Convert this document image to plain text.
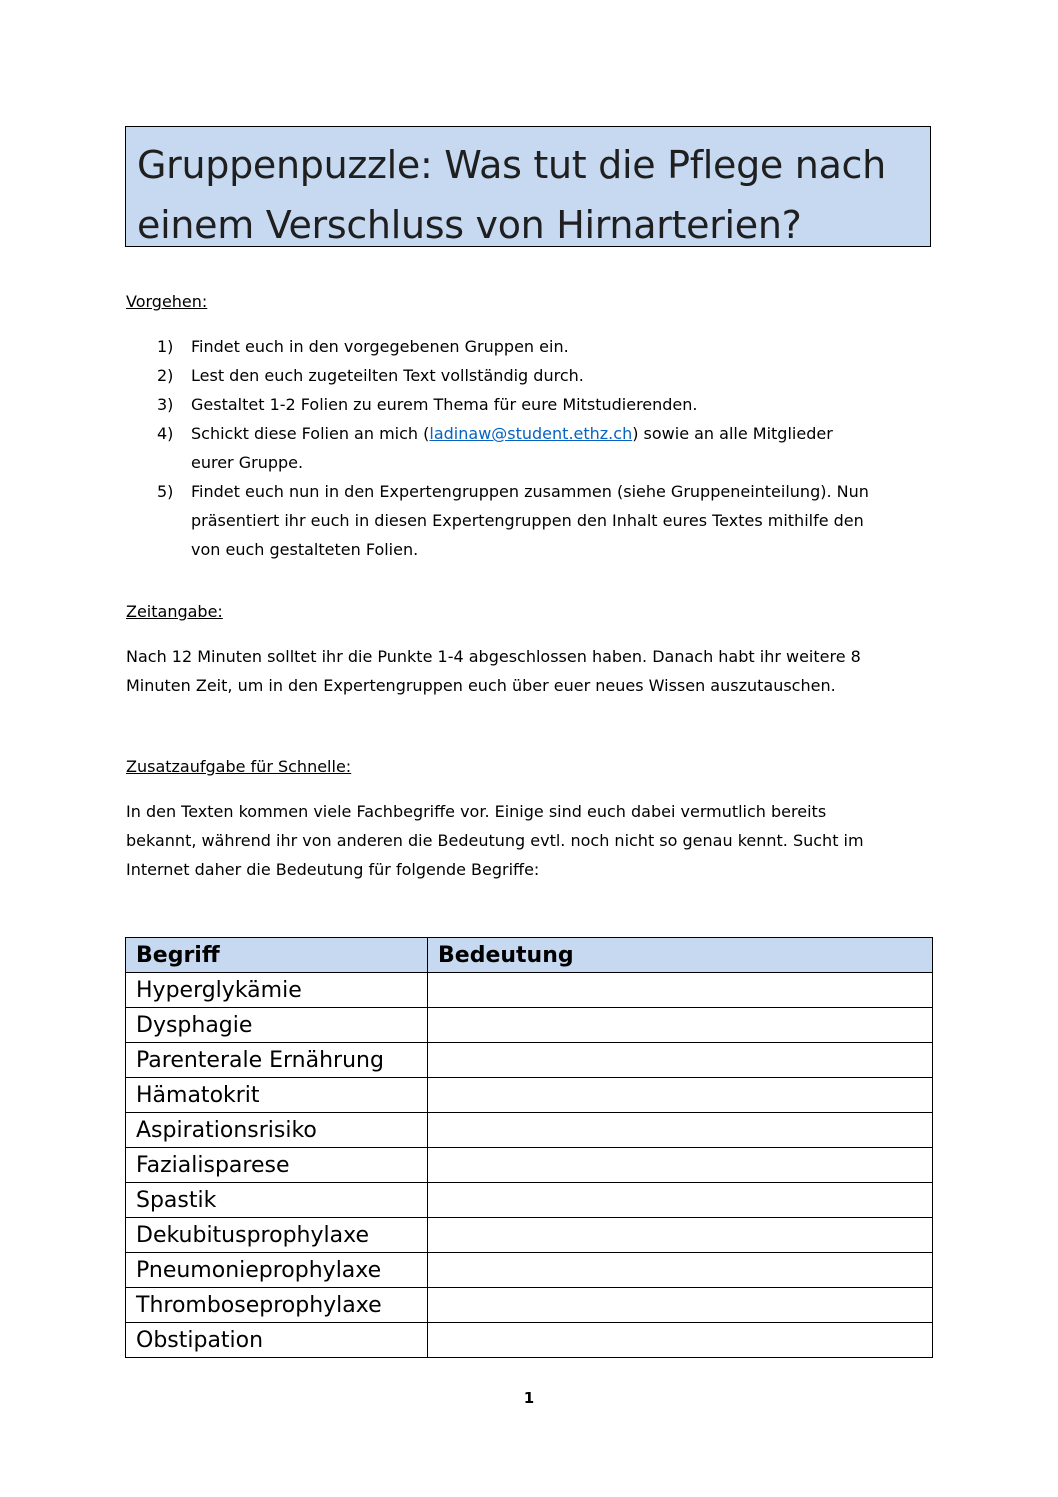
Gruppenpuzzle: Was tut die Pflege nach
einem Verschluss von Hirnarterien?
Vorgehen:
1) Findet euch in den vorgegebenen Gruppen ein.
2) Lest den euch zugeteilten Text vollständig durch.
3) Gestaltet 1-2 Folien zu eurem Thema für eure Mitstudierenden.
4) Schickt diese Folien an mich (ladinaw@student.ethz.ch) sowie an alle Mitglieder
eurer Gruppe.
5) Findet euch nun in den Expertengruppen zusammen (siehe Gruppeneinteilung). Nun
präsentiert ihr euch in diesen Expertengruppen den Inhalt eures Textes mithilfe den
von euch gestalteten Folien.
Zeitangabe:
Nach 12 Minuten solltet ihr die Punkte 1-4 abgeschlossen haben. Danach habt ihr weitere 8
Minuten Zeit, um in den Expertengruppen euch über euer neues Wissen auszutauschen.
Zusatzaufgabe für Schnelle:
In den Texten kommen viele Fachbegriffe vor. Einige sind euch dabei vermutlich bereits
bekannt, während ihr von anderen die Bedeutung evtl. noch nicht so genau kennt. Sucht im
Internet daher die Bedeutung für folgende Begriffe:
Begriff	Bedeutung
Hyperglykämie	
Dysphagie	
Parenterale Ernährung	
Hämatokrit	
Aspirationsrisiko	
Fazialisparese	
Spastik	
Dekubitusprophylaxe	
Pneumonieprophylaxe	
Thromboseprophylaxe	
Obstipation	
1
